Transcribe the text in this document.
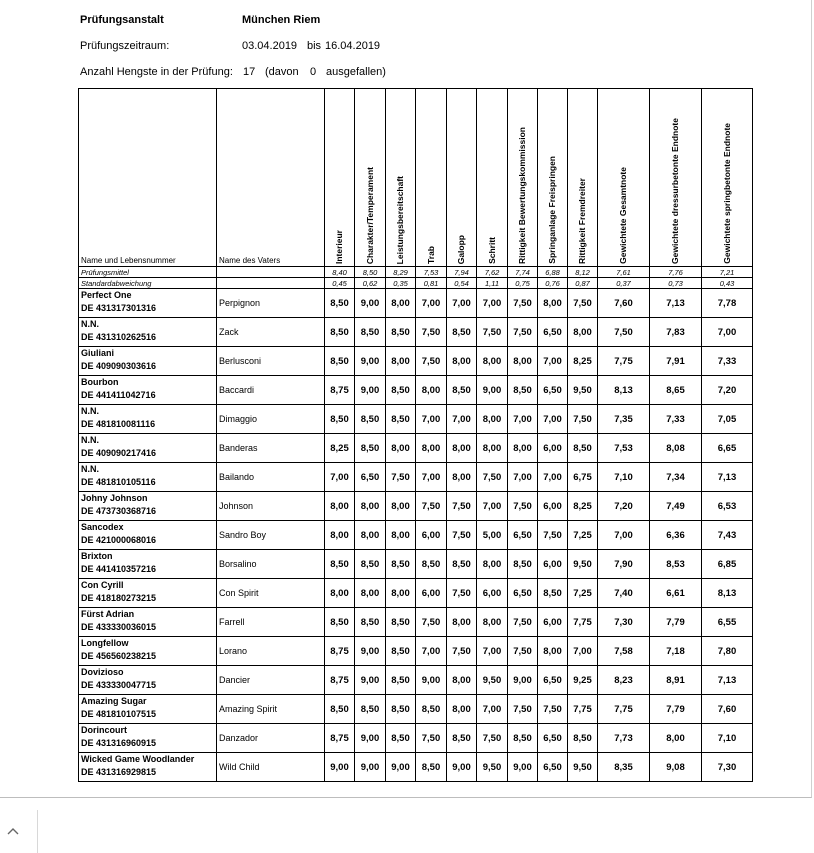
Prüfungsanstalt	München Riem
Prüfungszeitraum:	03.04.2019 bis 16.04.2019
Anzahl Hengste in der Prüfung: 17 (davon 0 ausgefallen)
Name und Lebensnummer	Name des Vaters	Interieur	Charakter/Temperament	Leistungsbereitschaft	Trab	Galopp	Schritt	Rittigkeit Bewertungskommission	Springanlage Freispringen	Rittigkeit Fremdreiter	Gewichtete Gesamtnote	Gewichtete dressurbetonte Endnote	Gewichtete springbetonte Endnote

Prüfungsmittel		8,40	8,50	8,29	7,53	7,94	7,62	7,74	6,88	8,12	7,61	7,76	7,21
Standardabweichung		0,45	0,62	0,35	0,81	0,54	1,11	0,75	0,76	0,87	0,37	0,73	0,43

Perfect One
DE 431317301316	Perpignon	8,50	9,00	8,00	7,00	7,00	7,00	7,50	8,00	7,50	7,60	7,13	7,78

N.N.
DE 431310262516	Zack	8,50	8,50	8,50	7,50	8,50	7,50	7,50	6,50	8,00	7,50	7,83	7,00

Giuliani
DE 409090303616	Berlusconi	8,50	9,00	8,00	7,50	8,00	8,00	8,00	7,00	8,25	7,75	7,91	7,33

Bourbon
DE 441411042716	Baccardi	8,75	9,00	8,50	8,00	8,50	9,00	8,50	6,50	9,50	8,13	8,65	7,20

N.N.
DE 481810081116	Dimaggio	8,50	8,50	8,50	7,00	7,00	8,00	7,00	7,00	7,50	7,35	7,33	7,05

N.N.
DE 409090217416	Banderas	8,25	8,50	8,00	8,00	8,00	8,00	8,00	6,00	8,50	7,53	8,08	6,65

N.N.
DE 481810105116	Bailando	7,00	6,50	7,50	7,00	8,00	7,50	7,00	7,00	6,75	7,10	7,34	7,13

Johny Johnson
DE 473730368716	Johnson	8,00	8,00	8,00	7,50	7,50	7,00	7,50	6,00	8,25	7,20	7,49	6,53

Sancodex
DE 421000068016	Sandro Boy	8,00	8,00	8,00	6,00	7,50	5,00	6,50	7,50	7,25	7,00	6,36	7,43

Brixton
DE 441410357216	Borsalino	8,50	8,50	8,50	8,50	8,50	8,00	8,50	6,00	9,50	7,90	8,53	6,85

Con Cyrill
DE 418180273215	Con Spirit	8,00	8,00	8,00	6,00	7,50	6,00	6,50	8,50	7,25	7,40	6,61	8,13

Fürst Adrian
DE 433330036015	Farrell	8,50	8,50	8,50	7,50	8,00	8,00	7,50	6,00	7,75	7,30	7,79	6,55

Longfellow
DE 456560238215	Lorano	8,75	9,00	8,50	7,00	7,50	7,00	7,50	8,00	7,00	7,58	7,18	7,80

Dovizioso
DE 433330047715	Dancier	8,75	9,00	8,50	9,00	8,00	9,50	9,00	6,50	9,25	8,23	8,91	7,13

Amazing Sugar
DE 481810107515	Amazing Spirit	8,50	8,50	8,50	8,50	8,00	7,00	7,50	7,50	7,75	7,75	7,79	7,60

Dorincourt
DE 431316960915	Danzador	8,75	9,00	8,50	7,50	8,50	7,50	8,50	6,50	8,50	7,73	8,00	7,10

Wicked Game Woodlander
DE 431316929815	Wild Child	9,00	9,00	9,00	8,50	9,00	9,50	9,00	6,50	9,50	8,35	9,08	7,30
